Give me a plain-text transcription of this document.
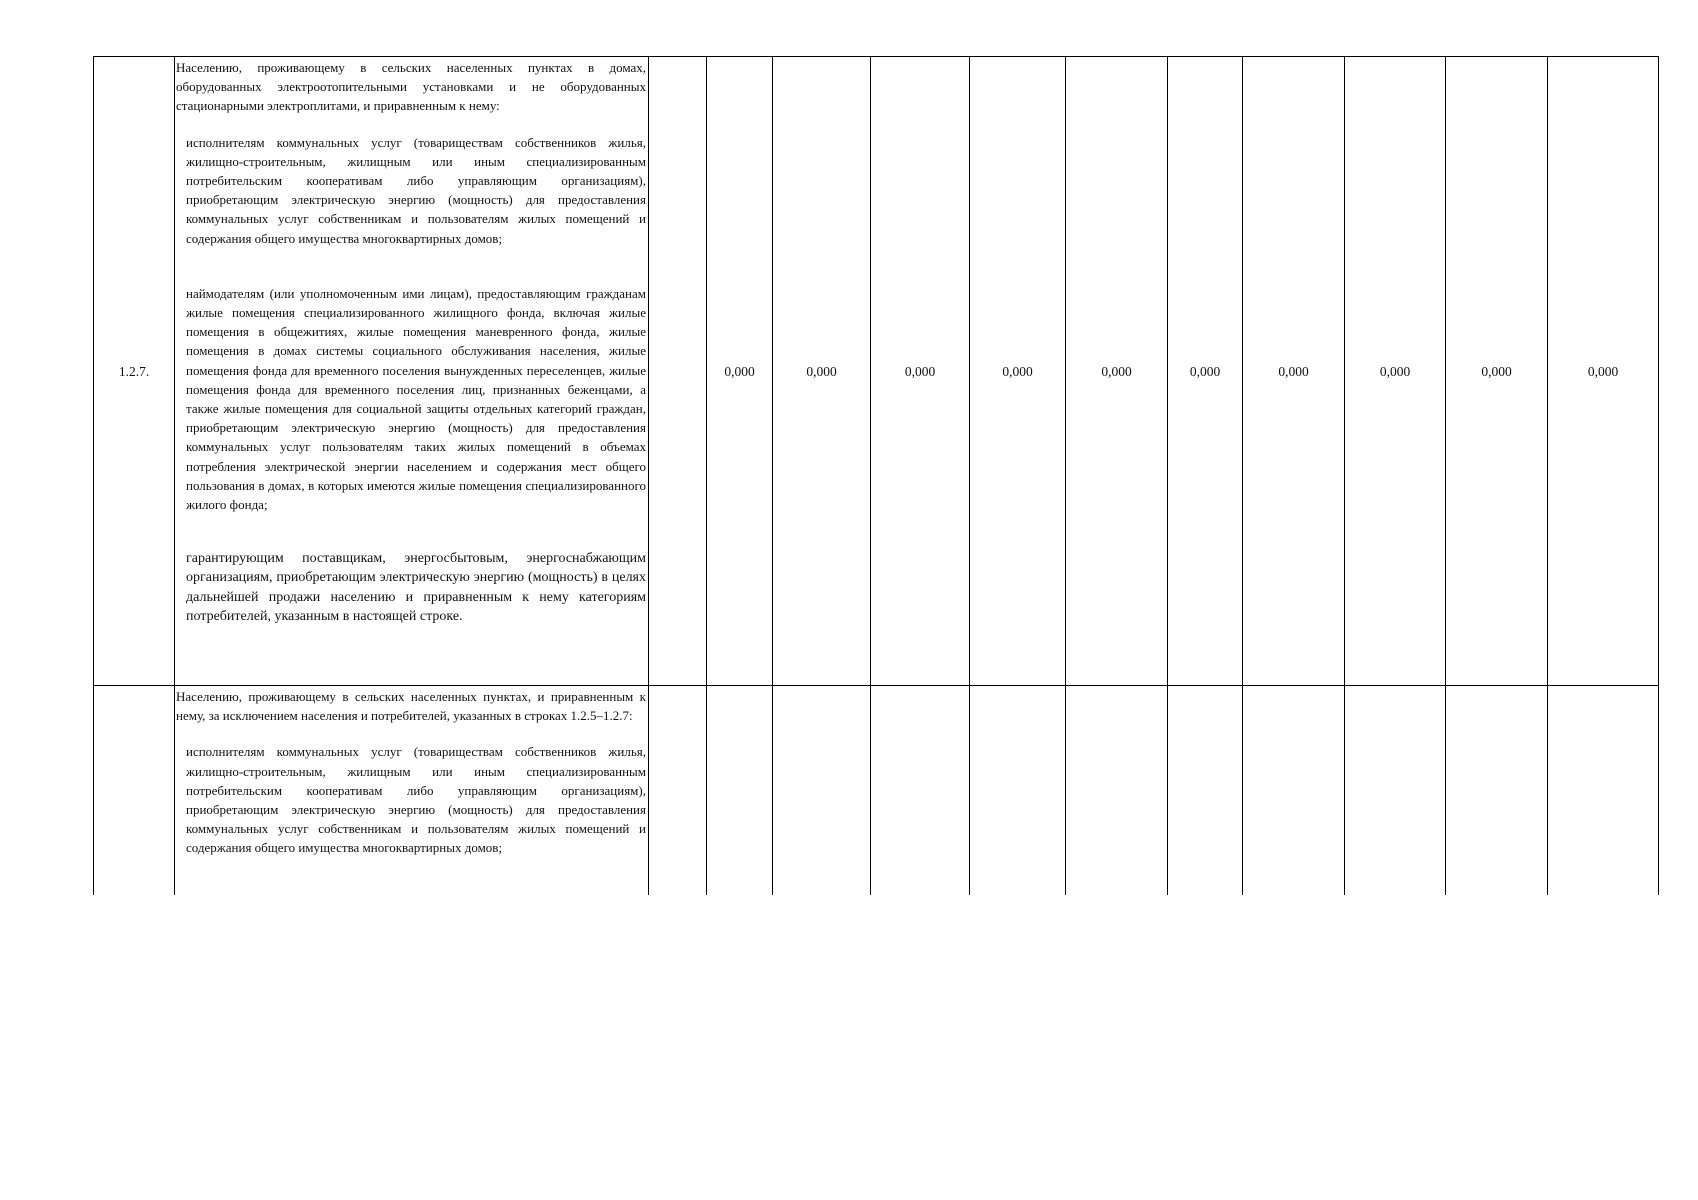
1.2.7.	Населению, проживающему в сельских населенных пунктах в домах, оборудованных электроотопительными установками и не оборудованных стационарными электроплитами, и приравненным к нему:

исполнителям коммунальных услуг (товариществам собственников жилья, жилищно-строительным, жилищным или иным специализированным потребительским кооперативам либо управляющим организациям), приобретающим электрическую энергию (мощность) для предоставления коммунальных услуг собственникам и пользователям жилых помещений и содержания общего имущества многоквартирных домов;

наймодателям (или уполномоченным ими лицам), предоставляющим гражданам жилые помещения специализированного жилищного фонда, включая жилые помещения в общежитиях, жилые помещения маневренного фонда, жилые помещения в домах системы социального обслуживания населения, жилые помещения фонда для временного поселения вынужденных переселенцев, жилые помещения фонда для временного поселения лиц, признанных беженцами, а также жилые помещения для социальной защиты отдельных категорий граждан, приобретающим электрическую энергию (мощность) для предоставления коммунальных услуг пользователям таких жилых помещений в объемах потребления электрической энергии населением и содержания мест общего пользования в домах, в которых имеются жилые помещения специализированного жилого фонда;

гарантирующим поставщикам, энергосбытовым, энергоснабжающим организациям, приобретающим электрическую энергию (мощность) в целях дальнейшей продажи населению и приравненным к нему категориям потребителей, указанным в настоящей строке.		0,000	0,000	0,000	0,000	0,000	0,000	0,000	0,000	0,000	0,000

	Населению, проживающему в сельских населенных пунктах, и приравненным к нему, за исключением населения и потребителей, указанных в строках 1.2.5–1.2.7:

исполнителям коммунальных услуг (товариществам собственников жилья, жилищно-строительным, жилищным или иным специализированным потребительским кооперативам либо управляющим организациям), приобретающим электрическую энергию (мощность) для предоставления коммунальных услуг собственникам и пользователям жилых помещений и содержания общего имущества многоквартирных домов;											
